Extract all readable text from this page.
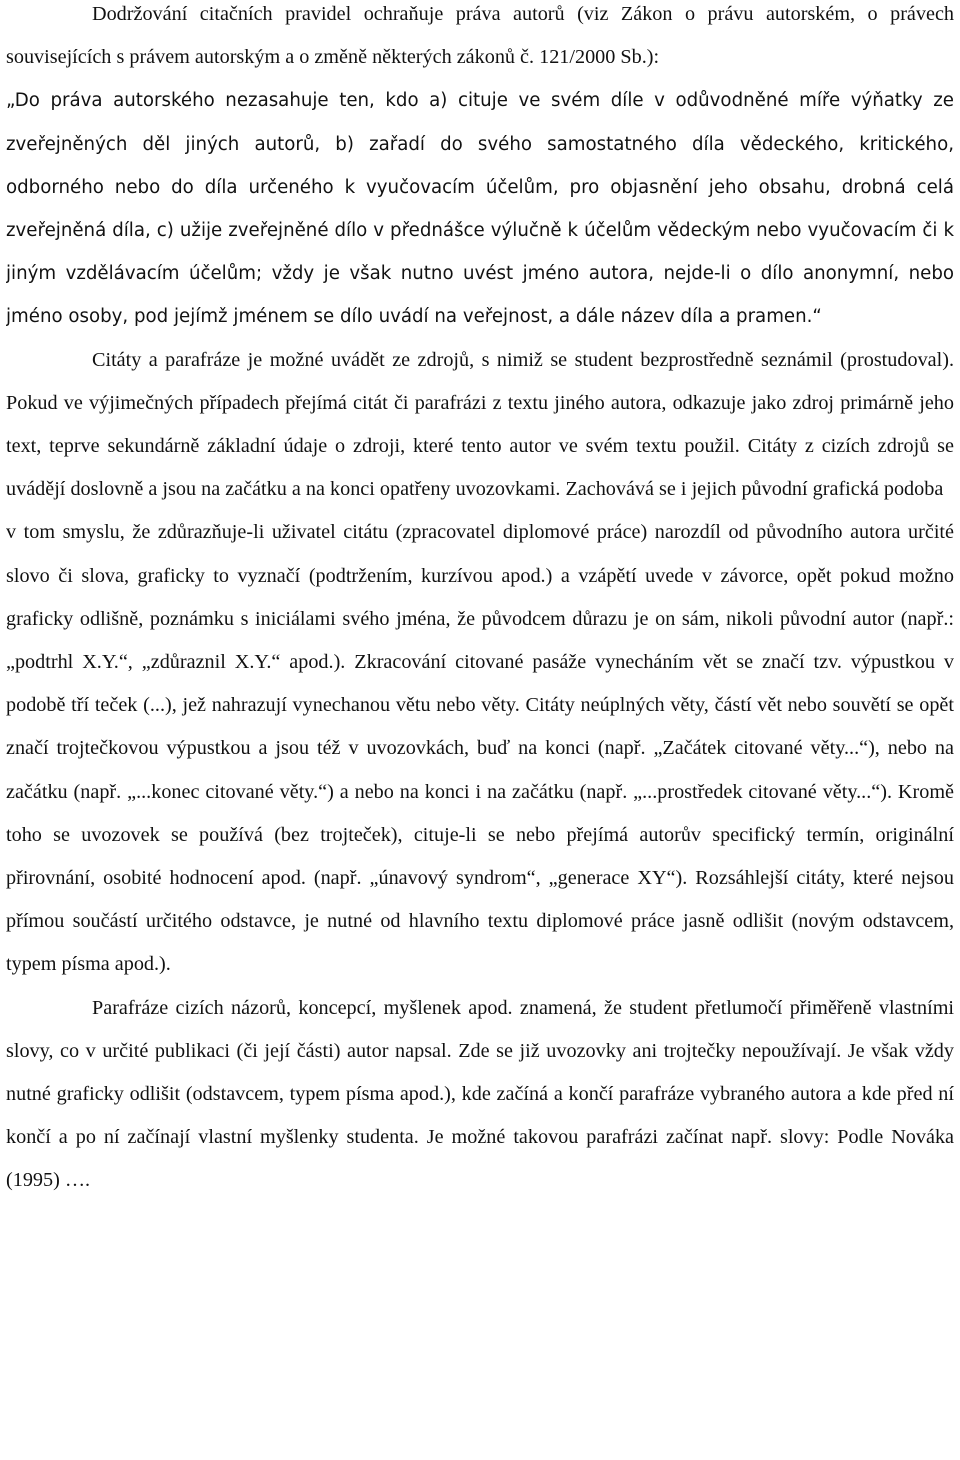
Dodržování citačních pravidel ochraňuje práva autorů (viz Zákon o právu autorském, o právech souvisejících s právem autorským a o změně některých zákonů č. 121/2000 Sb.):

„Do práva autorského nezasahuje ten, kdo a) cituje ve svém díle v odůvodněné míře výňatky ze zveřejněných děl jiných autorů, b) zařadí do svého samostatného díla vědeckého, kritického, odborného nebo do díla určeného k vyučovacím účelům, pro objasnění jeho obsahu, drobná celá zveřejněná díla, c) užije zveřejněné dílo v přednášce výlučně k účelům vědeckým nebo vyučovacím či k jiným vzdělávacím účelům; vždy je však nutno uvést jméno autora, nejde-li o dílo anonymní, nebo jméno osoby, pod jejímž jménem se dílo uvádí na veřejnost, a dále název díla a pramen.“

Citáty a parafráze je možné uvádět ze zdrojů, s nimiž se student bezprostředně seznámil (prostudoval). Pokud ve výjimečných případech přejímá citát či parafrázi z textu jiného autora, odkazuje jako zdroj primárně jeho text, teprve sekundárně základní údaje o zdroji, které tento autor ve svém textu použil. Citáty z cizích zdrojů se uvádějí doslovně a jsou na začátku a na konci opatřeny uvozovkami. Zachovává se i jejich původní grafická podoba

v tom smyslu, že zdůrazňuje-li uživatel citátu (zpracovatel diplomové práce) narozdíl od původního autora určité slovo či slova, graficky to vyznačí (podtržením, kurzívou apod.) a vzápětí uvede v závorce, opět pokud možno graficky odlišně, poznámku s iniciálami svého jména, že původcem důrazu je on sám, nikoli původní autor (např.: „podtrhl X.Y.“, „zdůraznil X.Y.“ apod.). Zkracování citované pasáže vynecháním vět se značí tzv. výpustkou v podobě tří teček (...), jež nahrazují vynechanou větu nebo věty. Citáty neúplných věty, částí vět nebo souvětí se opět značí trojtečkovou výpustkou a jsou též v uvozovkách, buď na konci (např. „Začátek citované věty...“), nebo na začátku (např. „...konec citované věty.“) a nebo na konci i na začátku (např. „...prostředek citované věty...“). Kromě toho se uvozovek se používá (bez trojteček), cituje-li se nebo přejímá autorův specifický termín, originální přirovnání, osobité hodnocení apod. (např. „únavový syndrom“, „generace XY“). Rozsáhlejší citáty, které nejsou přímou součástí určitého odstavce, je nutné od hlavního textu diplomové práce jasně odlišit (novým odstavcem, typem písma apod.).

Parafráze cizích názorů, koncepcí, myšlenek apod. znamená, že student přetlumočí přiměřeně vlastními slovy, co v určité publikaci (či její části) autor napsal. Zde se již uvozovky ani trojtečky nepoužívají. Je však vždy nutné graficky odlišit (odstavcem, typem písma apod.), kde začíná a končí parafráze vybraného autora a kde před ní končí a po ní začínají vlastní myšlenky studenta. Je možné takovou parafrázi začínat např. slovy: Podle Nováka (1995) ….
